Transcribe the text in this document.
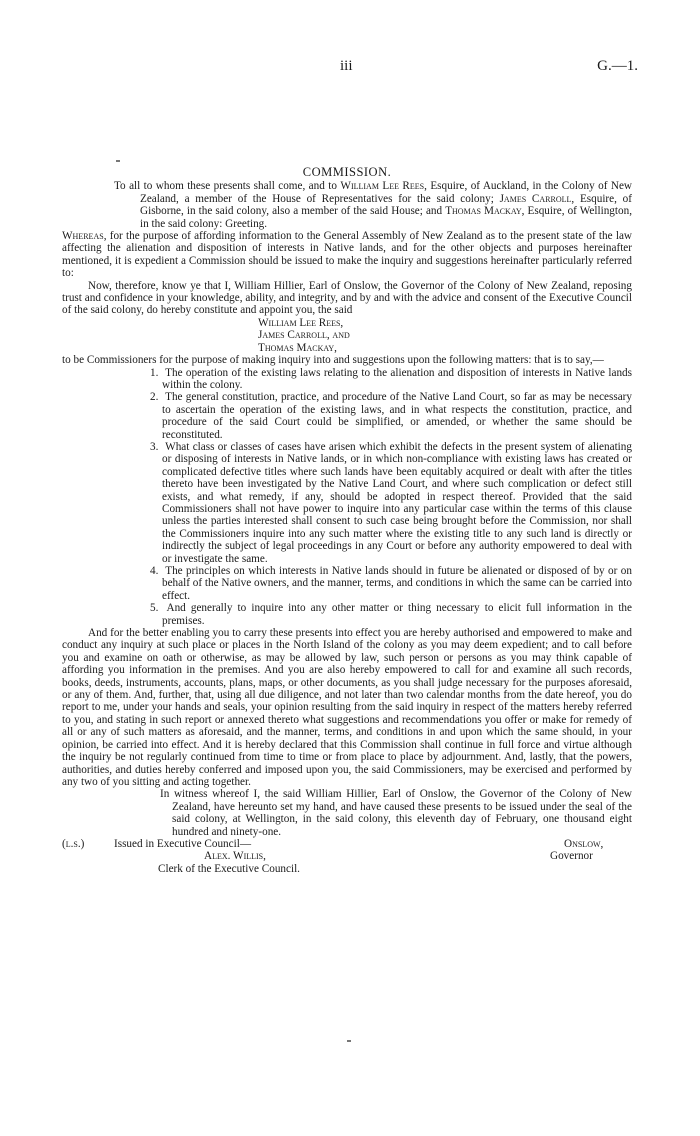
iii	G.—1.
COMMISSION.

To all to whom these presents shall come, and to William Lee Rees, Esquire, of Auckland, in the Colony of New Zealand, a member of the House of Representatives for the said colony; James Carroll, Esquire, of Gisborne, in the said colony, also a member of the said House; and Thomas Mackay, Esquire, of Wellington, in the said colony: Greeting.

Whereas, for the purpose of affording information to the General Assembly of New Zealand as to the present state of the law affecting the alienation and disposition of interests in Native lands, and for the other objects and purposes hereinafter mentioned, it is expedient a Commission should be issued to make the inquiry and suggestions hereinafter particularly referred to:

Now, therefore, know ye that I, William Hillier, Earl of Onslow, the Governor of the Colony of New Zealand, reposing trust and confidence in your knowledge, ability, and integrity, and by and with the advice and consent of the Executive Council of the said colony, do hereby constitute and appoint you, the said

William Lee Rees,
James Carroll, and
Thomas Mackay,

to be Commissioners for the purpose of making inquiry into and suggestions upon the following matters: that is to say,—

1. The operation of the existing laws relating to the alienation and disposition of interests in Native lands within the colony.

2. The general constitution, practice, and procedure of the Native Land Court, so far as may be necessary to ascertain the operation of the existing laws, and in what respects the constitution, practice, and procedure of the said Court could be simplified, or amended, or whether the same should be reconstituted.

3. What class or classes of cases have arisen which exhibit the defects in the present system of alienating or disposing of interests in Native lands, or in which non-compliance with existing laws has created or complicated defective titles where such lands have been equitably acquired or dealt with after the titles thereto have been investigated by the Native Land Court, and where such complication or defect still exists, and what remedy, if any, should be adopted in respect thereof. Provided that the said Commissioners shall not have power to inquire into any particular case within the terms of this clause unless the parties interested shall consent to such case being brought before the Commission, nor shall the Commissioners inquire into any such matter where the existing title to any such land is directly or indirectly the subject of legal proceedings in any Court or before any authority empowered to deal with or investigate the same.

4. The principles on which interests in Native lands should in future be alienated or disposed of by or on behalf of the Native owners, and the manner, terms, and conditions in which the same can be carried into effect.

5. And generally to inquire into any other matter or thing necessary to elicit full information in the premises.

And for the better enabling you to carry these presents into effect you are hereby authorised and empowered to make and conduct any inquiry at such place or places in the North Island of the colony as you may deem expedient; and to call before you and examine on oath or otherwise, as may be allowed by law, such person or persons as you may think capable of affording you information in the premises. And you are also hereby empowered to call for and examine all such records, books, deeds, instruments, accounts, plans, maps, or other documents, as you shall judge necessary for the purposes aforesaid, or any of them. And, further, that, using all due diligence, and not later than two calendar months from the date hereof, you do report to me, under your hands and seals, your opinion resulting from the said inquiry in respect of the matters hereby referred to you, and stating in such report or annexed thereto what suggestions and recommendations you offer or make for remedy of all or any of such matters as aforesaid, and the manner, terms, and conditions in and upon which the same should, in your opinion, be carried into effect. And it is hereby declared that this Commission shall continue in full force and virtue although the inquiry be not regularly continued from time to time or from place to place by adjournment. And, lastly, that the powers, authorities, and duties hereby conferred and imposed upon you, the said Commissioners, may be exercised and performed by any two of you sitting and acting together.

(l.s.)

In witness whereof I, the said William Hillier, Earl of Onslow, the Governor of the Colony of New Zealand, have hereunto set my hand, and have caused these presents to be issued under the seal of the said colony, at Wellington, in the said colony, this eleventh day of February, one thousand eight hundred and ninety-one.

Issued in Executive Council—	Onslow,
Alex. Willis,	Governor
Clerk of the Executive Council.
